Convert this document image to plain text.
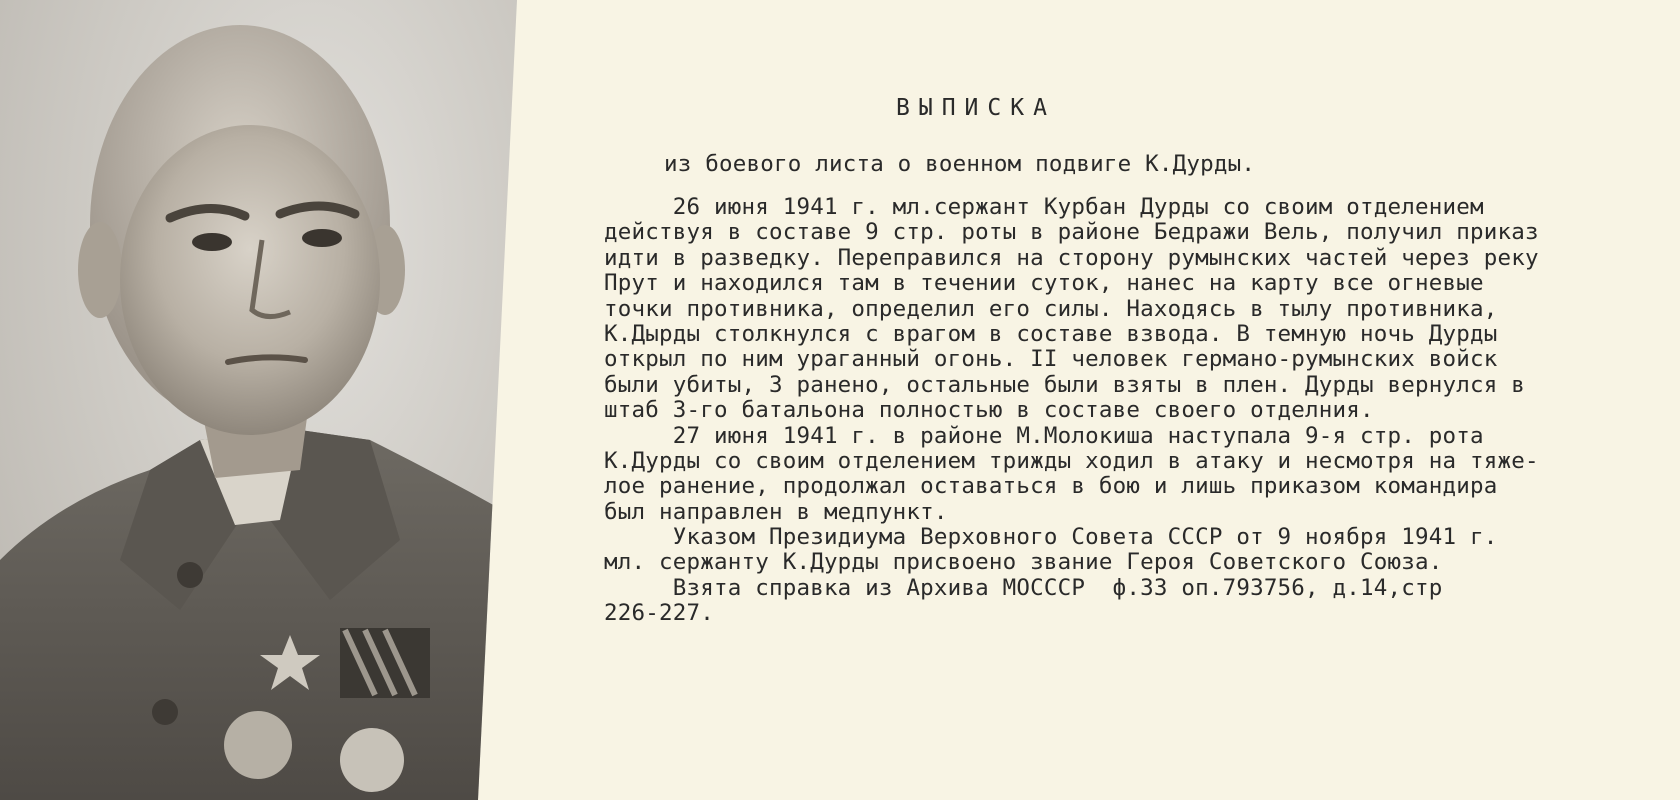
ВЫПИСКА
из боевого листа о военном подвиге К.Дурды.
26 июня 1941 г. мл.сержант Курбан Дурды со своим отделением
действуя в составе 9 стр. роты в районе Бедражи Вель, получил приказ
идти в разведку. Переправился на сторону румынских частей через реку
Прут и находился там в течении суток, нанес на карту все огневые
точки противника, определил его силы. Находясь в тылу противника,
К.Дырды столкнулся с врагом в составе взвода. В темную ночь Дурды
открыл по ним ураганный огонь. II человек германо-румынских войск
были убиты, 3 ранено, остальные были взяты в плен. Дурды вернулся в
штаб 3-го батальона полностью в составе своего отделния.
27 июня 1941 г. в районе М.Молокиша наступала 9-я стр. рота
К.Дурды со своим отделением трижды ходил в атаку и несмотря на тяже-
лое ранение, продолжал оставаться в бою и лишь приказом командира
был направлен в медпункт.
Указом Президиума Верховного Совета СССР от 9 ноября 1941 г.
мл. сержанту К.Дурды присвоено звание Героя Советского Союза.
Взята справка из Архива МОСССР  ф.33 оп.793756, д.14,стр
226-227.
